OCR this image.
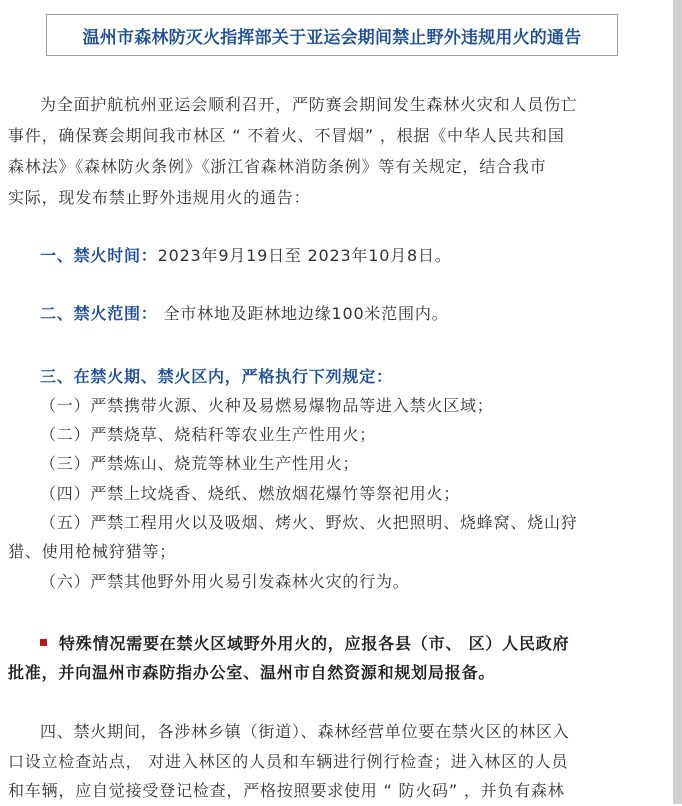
温州市森林防灭火指挥部关于亚运会期间禁止野外违规用火的通告
为全面护航杭州亚运会顺利召开，严防赛会期间发生森林火灾和人员伤亡
事件，确保赛会期间我市林区 “ 不着火、不冒烟” ，根据《中华人民共和国
森林法》《森林防火条例》《浙江省森林消防条例》等有关规定，结合我市
实际，现发布禁止野外违规用火的通告：
一、禁火时间：2023年9月19日至 2023年10月8日。
二、禁火范围： 全市林地及距林地边缘100米范围内。
三、在禁火期、禁火区内，严格执行下列规定：
（一）严禁携带火源、火种及易燃易爆物品等进入禁火区域；
（二）严禁烧草、烧秸秆等农业生产性用火；
（三）严禁炼山、烧荒等林业生产性用火；
（四）严禁上坟烧香、烧纸、燃放烟花爆竹等祭祀用火；
（五）严禁工程用火以及吸烟、烤火、野炊、火把照明、烧蜂窝、烧山狩
猎、使用枪械狩猎等；
（六）严禁其他野外用火易引发森林火灾的行为。
特殊情况需要在禁火区域野外用火的，应报各县（市、 区）人民政府
批准，并向温州市森防指办公室、温州市自然资源和规划局报备。
四、禁火期间，各涉林乡镇（街道）、森林经营单位要在禁火区的林区入
口设立检查站点， 对进入林区的人员和车辆进行例行检查；进入林区的人员
和车辆，应自觉接受登记检查，严格按照要求使用 “ 防火码” ，并负有森林
